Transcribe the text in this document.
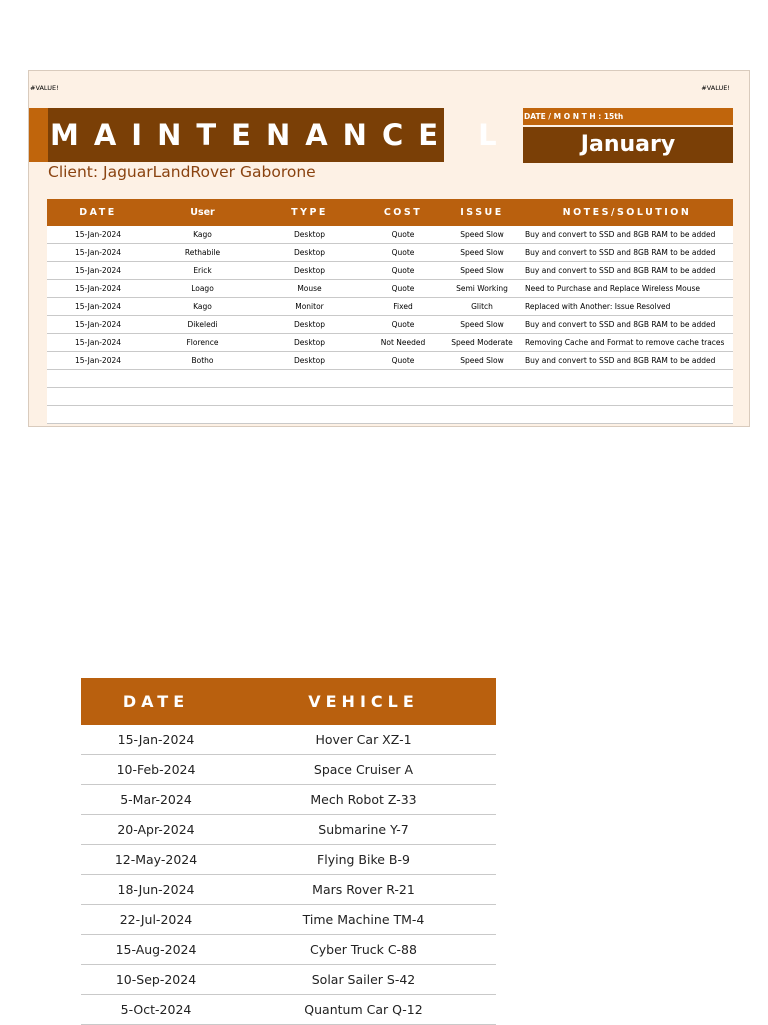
#VALUE!	#VALUE!
MAINTENANCE L
Client: JaguarLandRover Gaborone
DATE / M O N T H : 15th
January
DATE	User	TYPE	COST	ISSUE	NOTES/SOLUTION
15-Jan-2024	Kago	Desktop	Quote	Speed Slow	Buy and convert to SSD and 8GB RAM to be added
15-Jan-2024	Rethabile	Desktop	Quote	Speed Slow	Buy and convert to SSD and 8GB RAM to be added
15-Jan-2024	Erick	Desktop	Quote	Speed Slow	Buy and convert to SSD and 8GB RAM to be added
15-Jan-2024	Loago	Mouse	Quote	Semi Working	Need to Purchase and Replace Wireless Mouse
15-Jan-2024	Kago	Monitor	Fixed	Glitch	Replaced with Another: Issue Resolved
15-Jan-2024	Dikeledi	Desktop	Quote	Speed Slow	Buy and convert to SSD and 8GB RAM to be added
15-Jan-2024	Florence	Desktop	Not Needed	Speed Moderate	Removing Cache and Format to remove cache traces
15-Jan-2024	Botho	Desktop	Quote	Speed Slow	Buy and convert to SSD and 8GB RAM to be added

DATE	VEHICLE
15-Jan-2024	Hover Car XZ-1
10-Feb-2024	Space Cruiser A
5-Mar-2024	Mech Robot Z-33
20-Apr-2024	Submarine Y-7
12-May-2024	Flying Bike B-9
18-Jun-2024	Mars Rover R-21
22-Jul-2024	Time Machine TM-4
15-Aug-2024	Cyber Truck C-88
10-Sep-2024	Solar Sailer S-42
5-Oct-2024	Quantum Car Q-12
